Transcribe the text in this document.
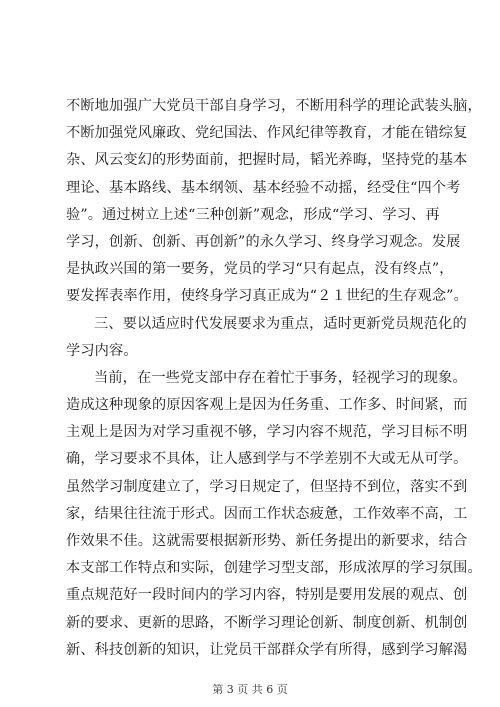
不断地加强广大党员干部自身学习，不断用科学的理论武装头脑，
不断加强党风廉政、党纪国法、作风纪律等教育，才能在错综复
杂、风云变幻的形势面前，把握时局，韬光养晦，坚持党的基本
理论、基本路线、基本纲领、基本经验不动摇，经受住“四个考
验”。通过树立上述“三种创新”观念，形成“学习、学习、再
学习，创新、创新、再创新”的永久学习、终身学习观念。发展
是执政兴国的第一要务，党员的学习“只有起点，没有终点”，
要发挥表率作用，使终身学习真正成为“２１世纪的生存观念”。
三、要以适应时代发展要求为重点，适时更新党员规范化的
学习内容。
当前，在一些党支部中存在着忙于事务，轻视学习的现象。
造成这种现象的原因客观上是因为任务重、工作多、时间紧，而
主观上是因为对学习重视不够，学习内容不规范，学习目标不明
确，学习要求不具体，让人感到学与不学差别不大或无从可学。
虽然学习制度建立了，学习日规定了，但坚持不到位，落实不到
家，结果往往流于形式。因而工作状态疲惫，工作效率不高，工
作效果不佳。这就需要根据新形势、新任务提出的新要求，结合
本支部工作特点和实际，创建学习型支部，形成浓厚的学习氛围。
重点规范好一段时间内的学习内容，特别是要用发展的观点、创
新的要求、更新的思路，不断学习理论创新、制度创新、机制创
新、科技创新的知识，让党员干部群众学有所得，感到学习解渴
第 3 页 共 6 页
